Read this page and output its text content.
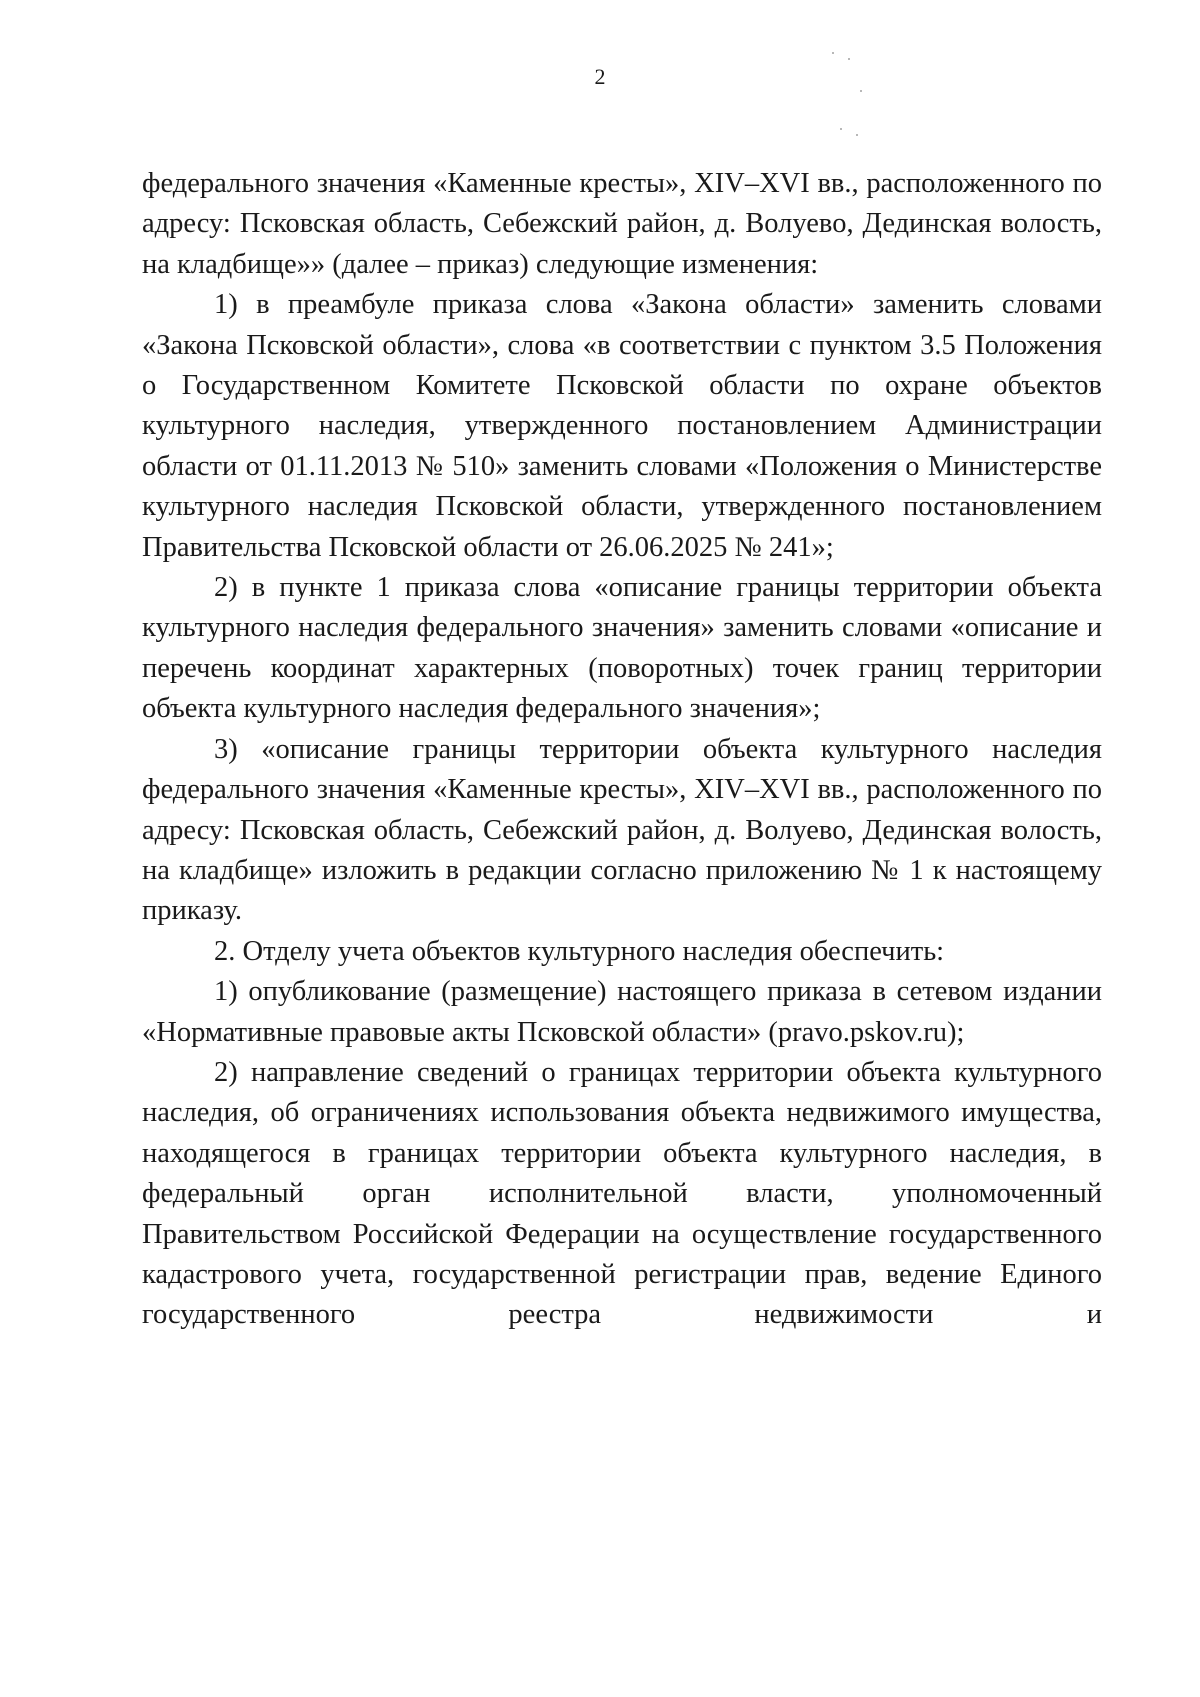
2

федерального значения «Каменные кресты», XIV–XVI вв., расположенного по адресу: Псковская область, Себежский район, д. Волуево, Дединская волость, на кладбище»» (далее – приказ) следующие изменения:

1) в преамбуле приказа слова «Закона области» заменить словами «Закона Псковской области», слова «в соответствии с пунктом 3.5 Положения о Государственном Комитете Псковской области по охране объектов культурного наследия, утвержденного постановлением Администрации области от 01.11.2013 № 510» заменить словами «Положения о Министерстве культурного наследия Псковской области, утвержденного постановлением Правительства Псковской области от 26.06.2025 № 241»;

2) в пункте 1 приказа слова «описание границы территории объекта культурного наследия федерального значения» заменить словами «описание и перечень координат характерных (поворотных) точек границ территории объекта культурного наследия федерального значения»;

3) «описание границы территории объекта культурного наследия федерального значения «Каменные кресты», XIV–XVI вв., расположенного по адресу: Псковская область, Себежский район, д. Волуево, Дединская волость, на кладбище» изложить в редакции согласно приложению № 1 к настоящему приказу.

2. Отделу учета объектов культурного наследия обеспечить:

1) опубликование (размещение) настоящего приказа в сетевом издании «Нормативные правовые акты Псковской области» (pravo.pskov.ru);

2) направление сведений о границах территории объекта культурного наследия, об ограничениях использования объекта недвижимого имущества, находящегося в границах территории объекта культурного наследия, в федеральный орган исполнительной власти, уполномоченный Правительством Российской Федерации на осуществление государственного кадастрового учета, государственной регистрации прав, ведение Единого государственного реестра недвижимости и
